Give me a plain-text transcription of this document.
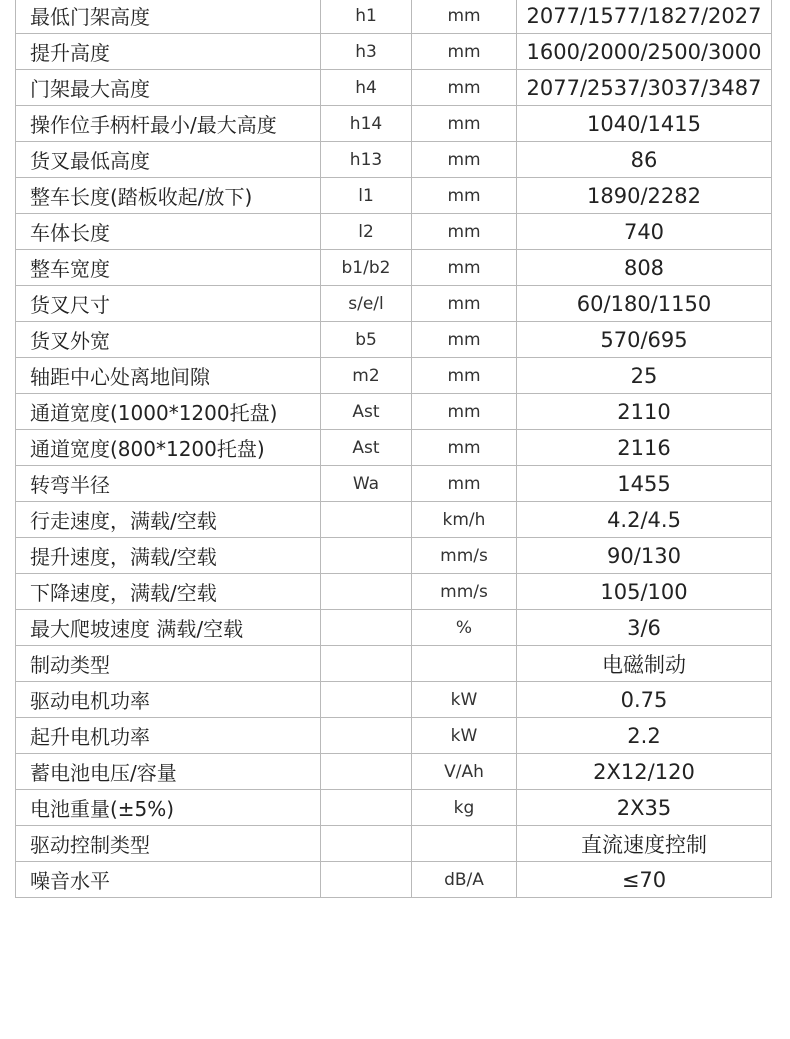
最低门架高度	h1	mm	2077/1577/1827/2027
提升高度	h3	mm	1600/2000/2500/3000
门架最大高度	h4	mm	2077/2537/3037/3487
操作位手柄杆最小/最大高度	h14	mm	1040/1415
货叉最低高度	h13	mm	86
整车长度(踏板收起/放下)	l1	mm	1890/2282
车体长度	l2	mm	740
整车宽度	b1/b2	mm	808
货叉尺寸	s/e/l	mm	60/180/1150
货叉外宽	b5	mm	570/695
轴距中心处离地间隙	m2	mm	25
通道宽度(1000*1200托盘)	Ast	mm	2110
通道宽度(800*1200托盘)	Ast	mm	2116
转弯半径	Wa	mm	1455
行走速度，满载/空载		km/h	4.2/4.5
提升速度，满载/空载		mm/s	90/130
下降速度，满载/空载		mm/s	105/100
最大爬坡速度 满载/空载		%	3/6
制动类型			电磁制动
驱动电机功率		kW	0.75
起升电机功率		kW	2.2
蓄电池电压/容量		V/Ah	2X12/120
电池重量(±5%)		kg	2X35
驱动控制类型			直流速度控制
噪音水平		dB/A	≤70
